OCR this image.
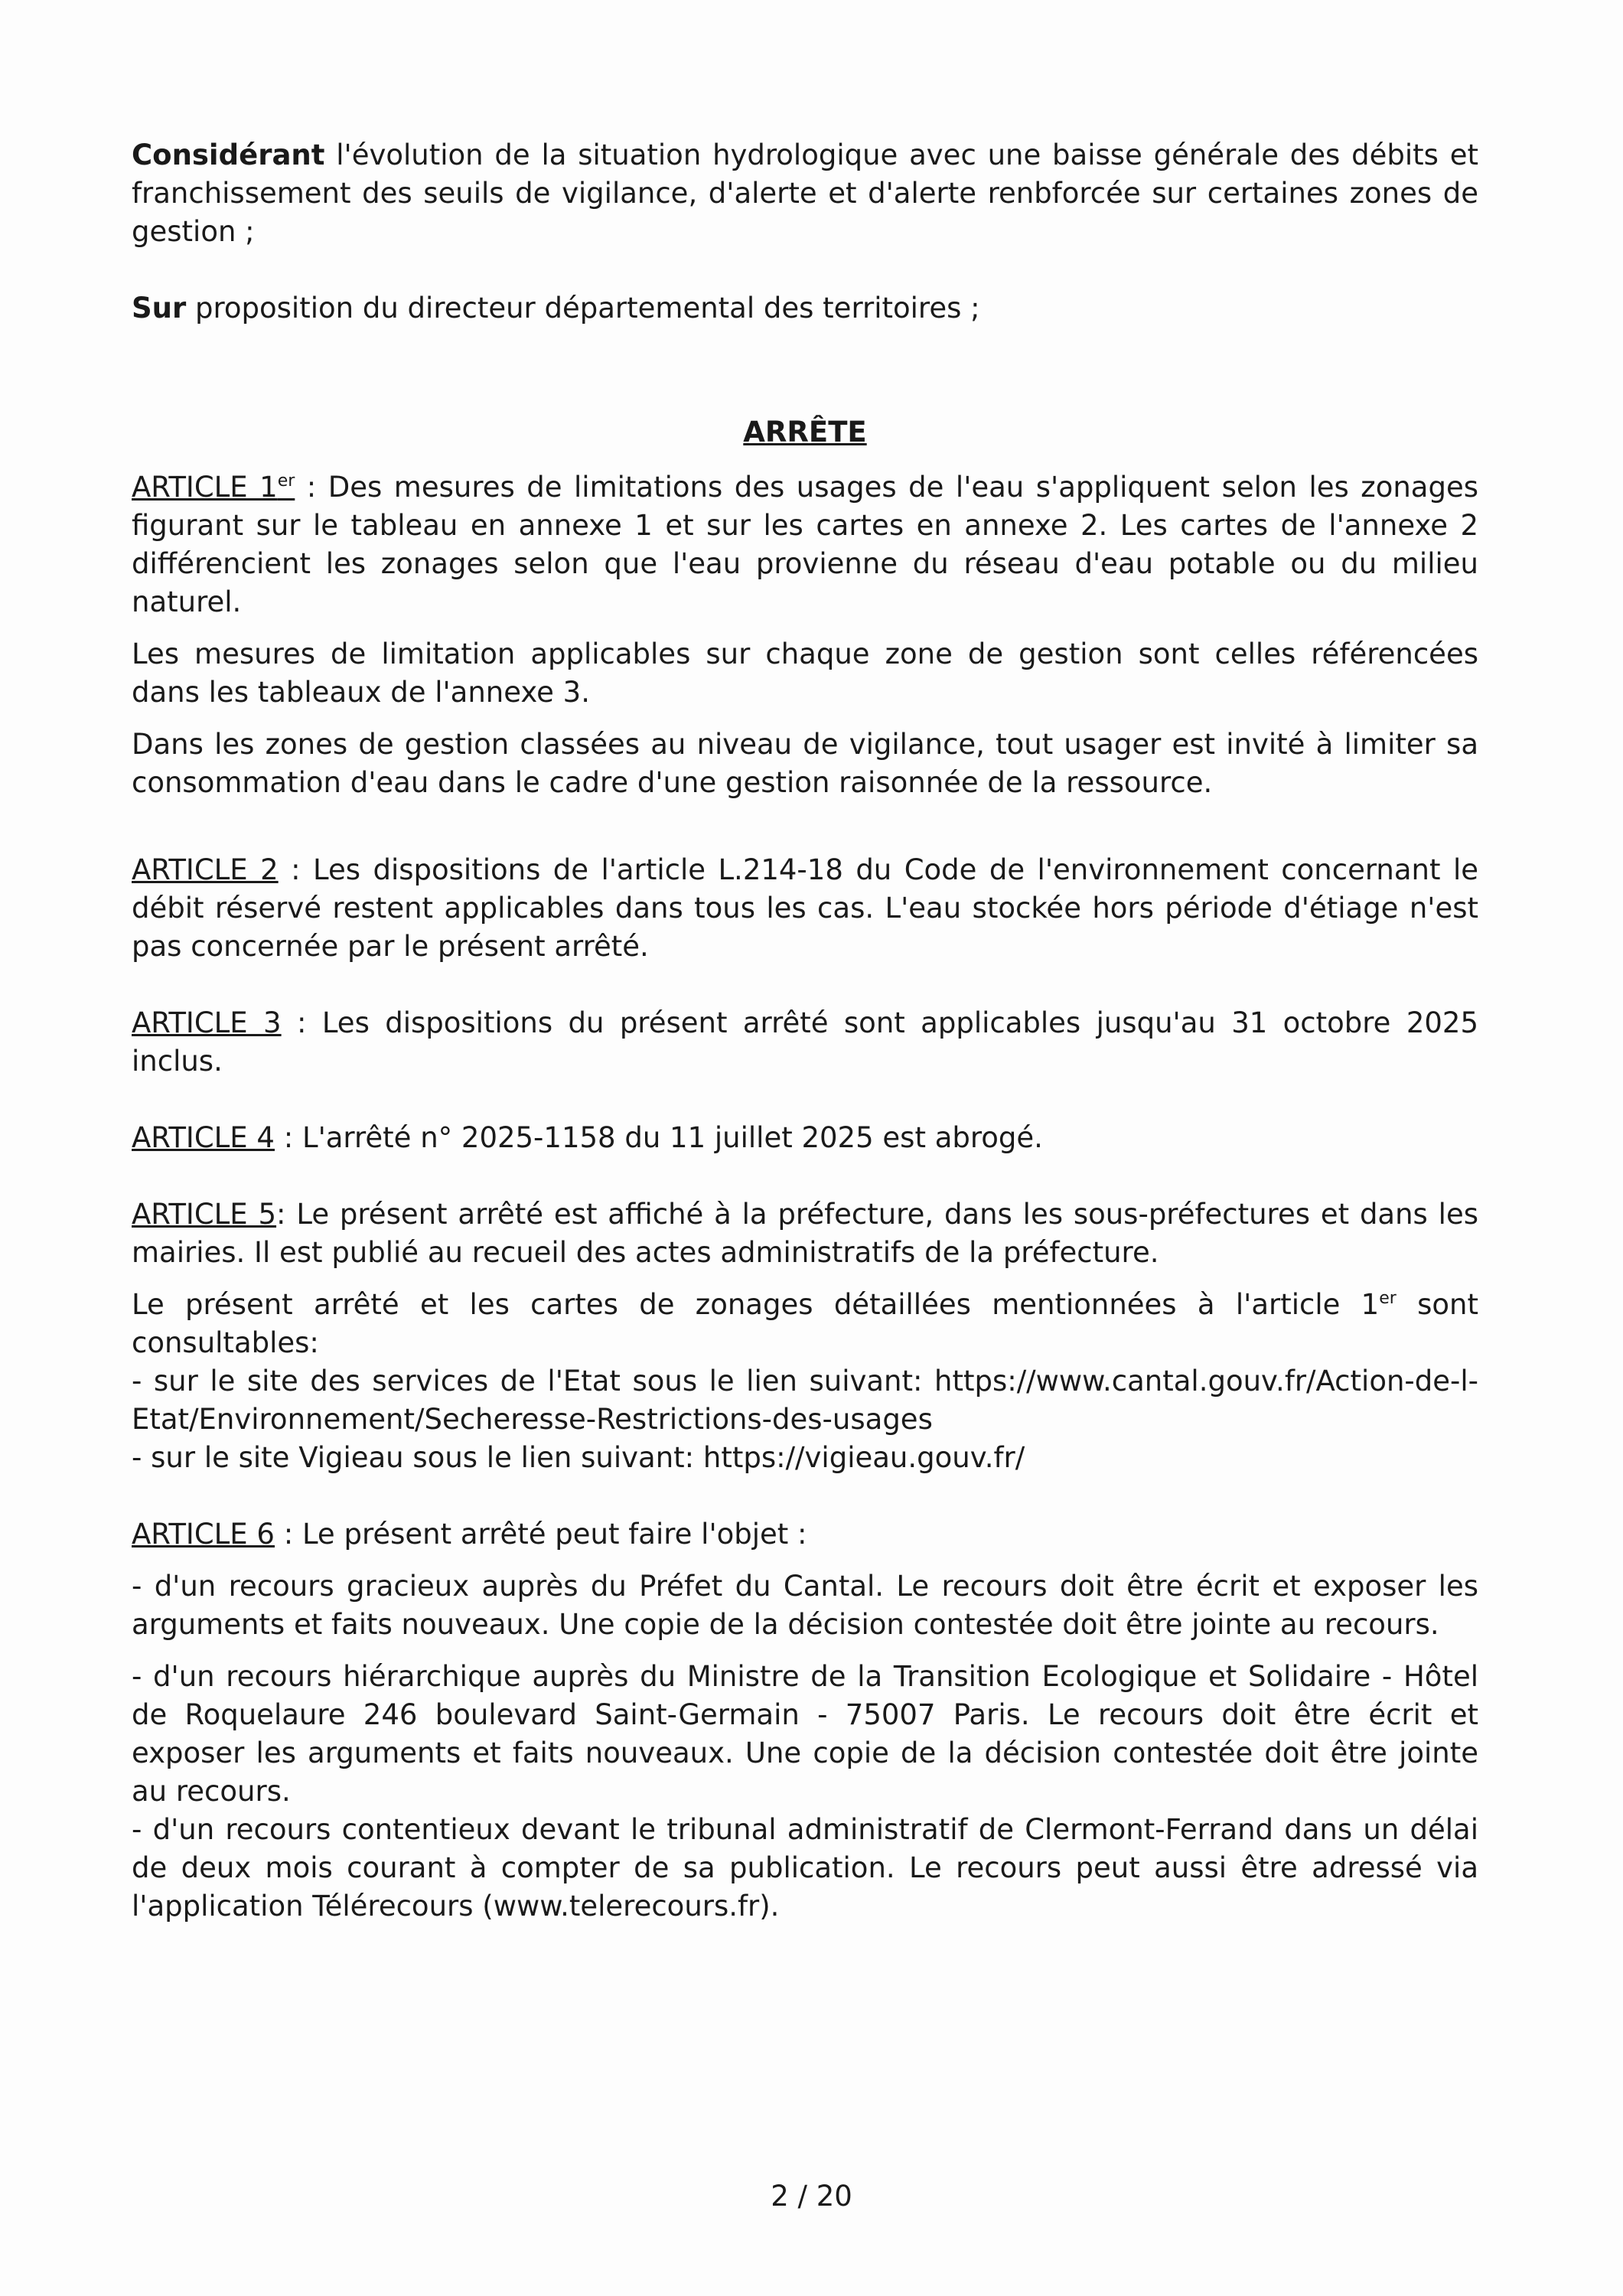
Considérant l'évolution de la situation hydrologique avec une baisse générale des débits et franchissement des seuils de vigilance, d'alerte et d'alerte renbforcée sur certaines zones de gestion ;

Sur proposition du directeur départemental des territoires ;

ARRÊTE

ARTICLE 1er : Des mesures de limitations des usages de l'eau s'appliquent selon les zonages figurant sur le tableau en annexe 1 et sur les cartes en annexe 2. Les cartes de l'annexe 2 différencient les zonages selon que l'eau provienne du réseau d'eau potable ou du milieu naturel.

Les mesures de limitation applicables sur chaque zone de gestion sont celles référencées dans les tableaux de l'annexe 3.

Dans les zones de gestion classées au niveau de vigilance, tout usager est invité à limiter sa consommation d'eau dans le cadre d'une gestion raisonnée de la ressource.

ARTICLE 2 : Les dispositions de l'article L.214-18 du Code de l'environnement concernant le débit réservé restent applicables dans tous les cas. L'eau stockée hors période d'étiage n'est pas concernée par le présent arrêté.

ARTICLE 3 : Les dispositions du présent arrêté sont applicables jusqu'au 31 octobre 2025 inclus.

ARTICLE 4 : L'arrêté n° 2025-1158 du 11 juillet 2025 est abrogé.

ARTICLE 5: Le présent arrêté est affiché à la préfecture, dans les sous-préfectures et dans les mairies. Il est publié au recueil des actes administratifs de la préfecture.

Le présent arrêté et les cartes de zonages détaillées mentionnées à l'article 1er sont consultables:

- sur le site des services de l'Etat sous le lien suivant: https://www.cantal.gouv.fr/Action-de-l-Etat/Environnement/Secheresse-Restrictions-des-usages

- sur le site Vigieau sous le lien suivant: https://vigieau.gouv.fr/

ARTICLE 6 : Le présent arrêté peut faire l'objet :

- d'un recours gracieux auprès du Préfet du Cantal. Le recours doit être écrit et exposer les arguments et faits nouveaux. Une copie de la décision contestée doit être jointe au recours.

- d'un recours hiérarchique auprès du Ministre de la Transition Ecologique et Solidaire - Hôtel de Roquelaure 246 boulevard Saint-Germain - 75007 Paris. Le recours doit être écrit et exposer les arguments et faits nouveaux. Une copie de la décision contestée doit être jointe au recours.

- d'un recours contentieux devant le tribunal administratif de Clermont-Ferrand dans un délai de deux mois courant à compter de sa publication. Le recours peut aussi être adressé via l'application Télérecours (www.telerecours.fr).

2 / 20
